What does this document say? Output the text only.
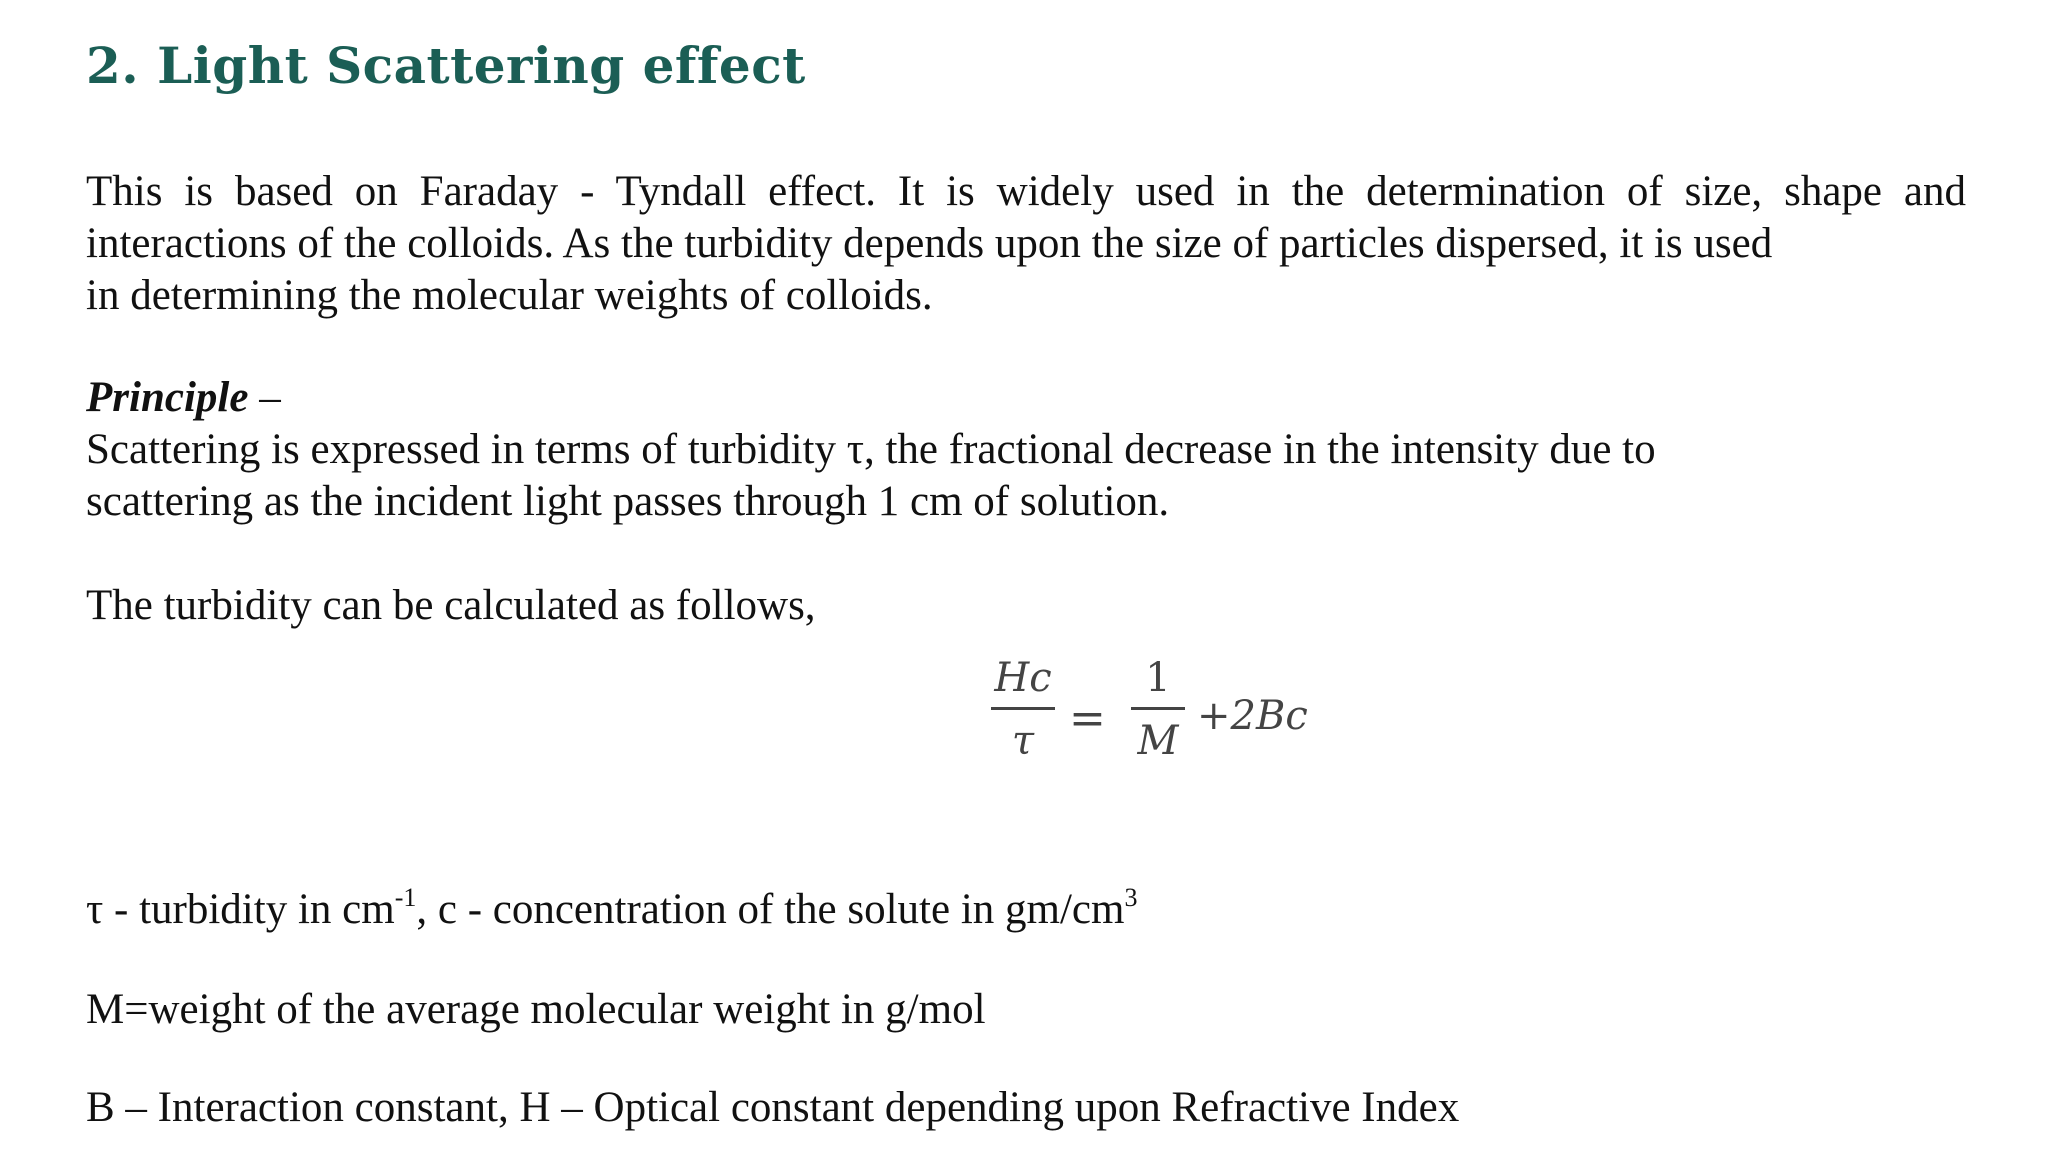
2. Light Scattering effect

This is based on Faraday - Tyndall effect. It is widely used in the determination of size, shape and
interactions of the colloids. As the turbidity depends upon the size of particles dispersed, it is used
in determining the molecular weights of colloids.

Principle –

Scattering is expressed in terms of turbidity τ, the fractional decrease in the intensity due to
scattering as the incident light passes through 1 cm of solution.

The turbidity can be calculated as follows,

Hc
τ =
1
M
+2Bc

τ - turbidity in $cm^{-1}$, c - concentration of the solute in $gm/cm^3$

M=weight of the average molecular weight in g/mol

B – Interaction constant, H – Optical constant depending upon Refractive Index
